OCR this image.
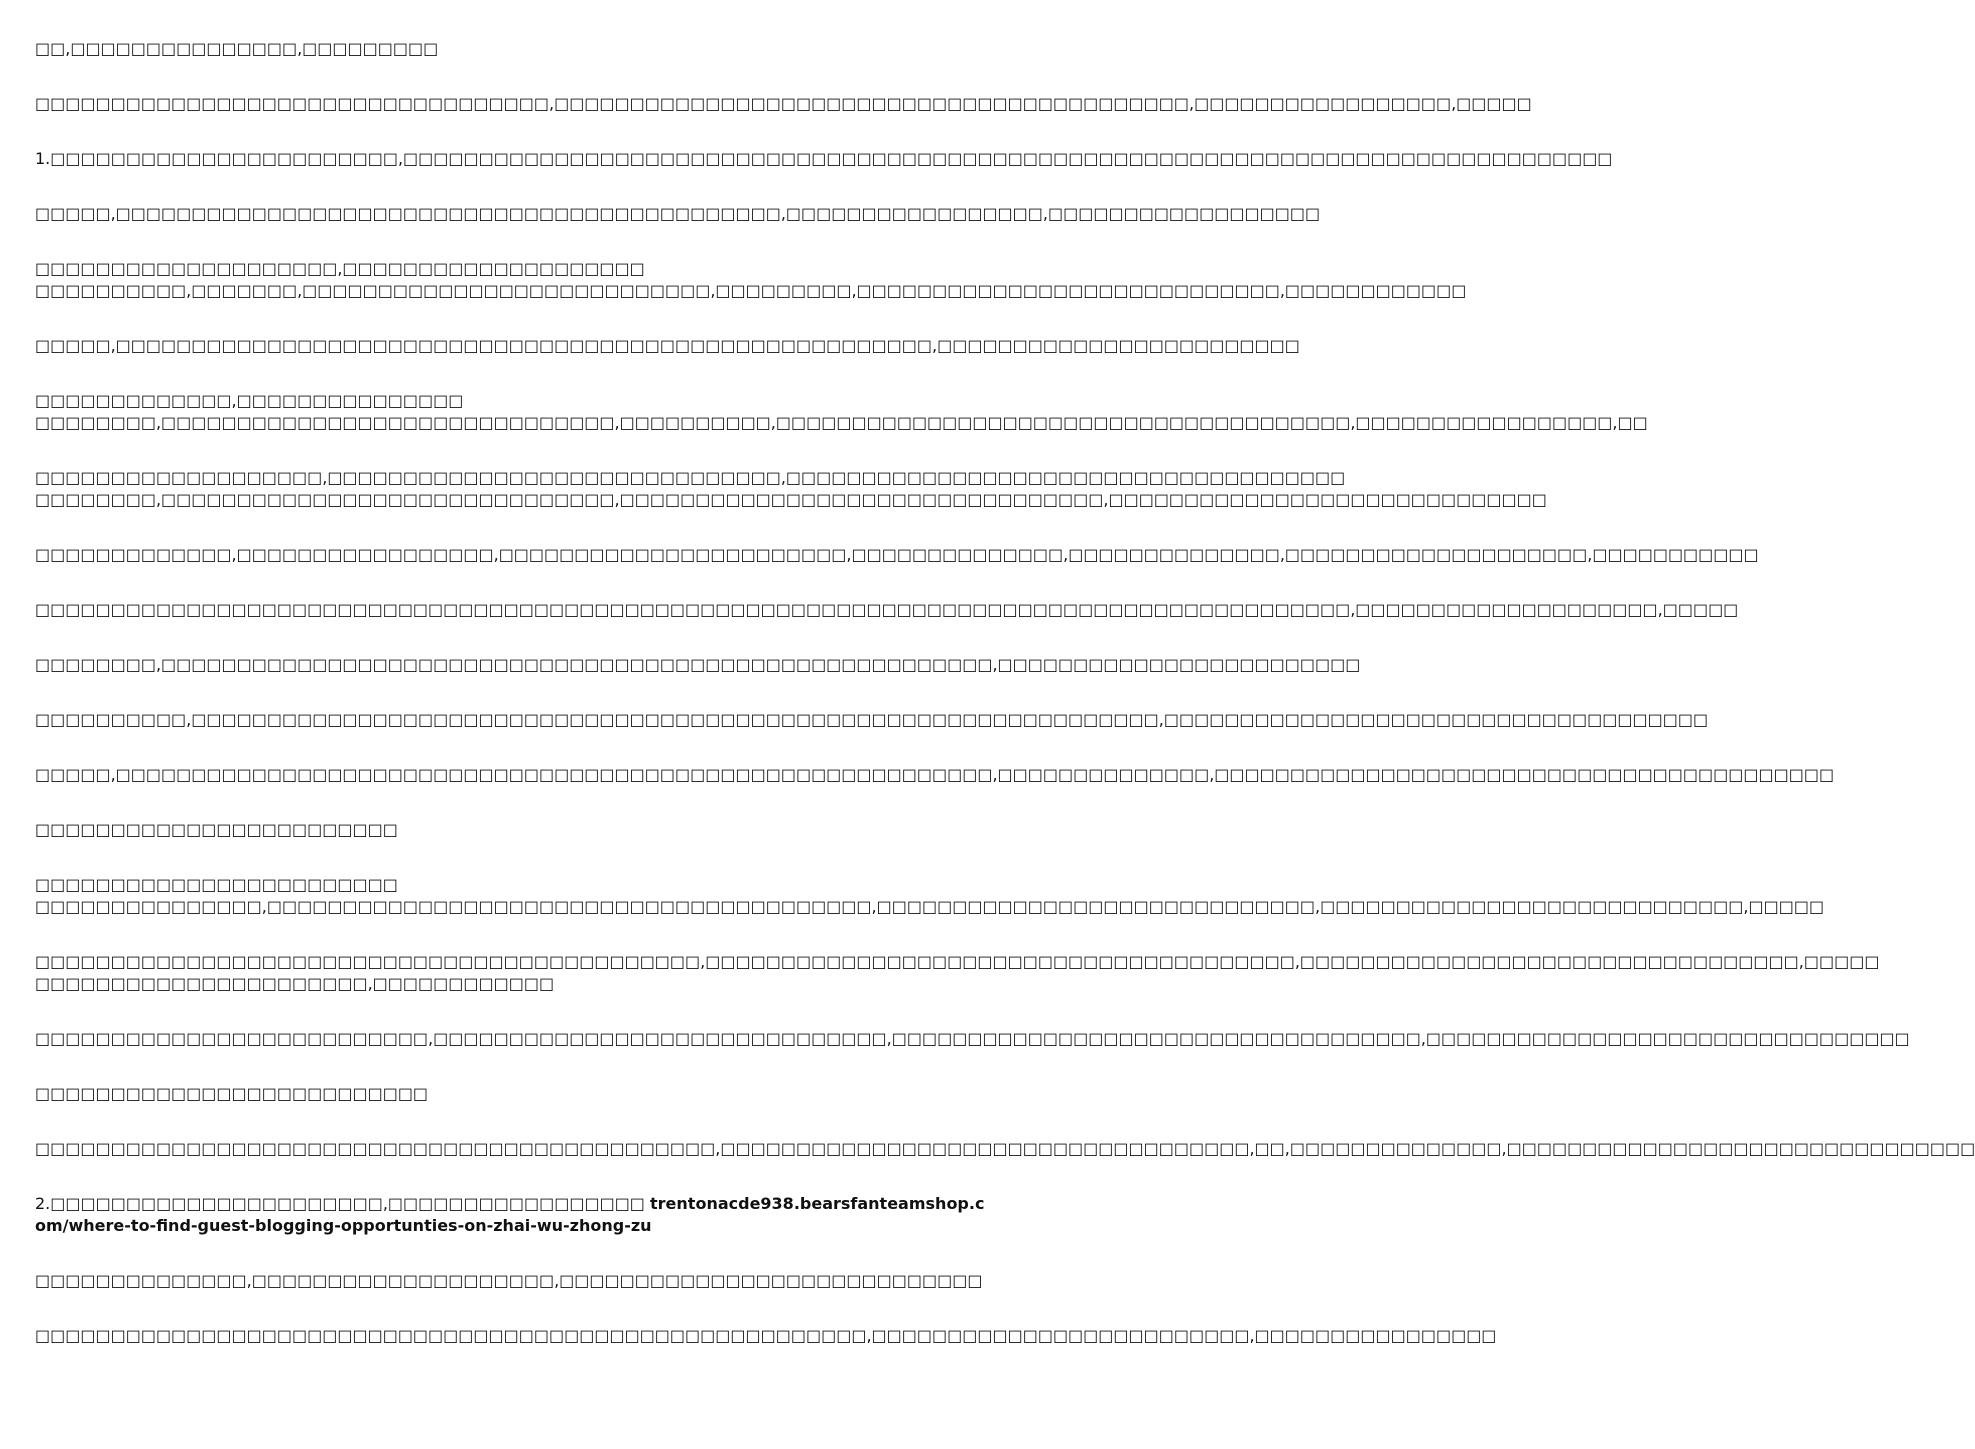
□□,□□□□□□□□□□□□□□□,□□□□□□□□□

□□□□□□□□□□□□□□□□□□□□□□□□□□□□□□□□□□,□□□□□□□□□□□□□□□□□□□□□□□□□□□□□□□□□□□□□□□□□□,□□□□□□□□□□□□□□□□□,□□□□□

1.□□□□□□□□□□□□□□□□□□□□□□□,□□□□□□□□□□□□□□□□□□□□□□□□□□□□□□□□□□□□□□□□□□□□□□□□□□□□□□□□□□□□□□□□□□□□□□□□□□□□□□□□

□□□□□,□□□□□□□□□□□□□□□□□□□□□□□□□□□□□□□□□□□□□□□□□□□□,□□□□□□□□□□□□□□□□□,□□□□□□□□□□□□□□□□□□

□□□□□□□□□□□□□□□□□□□□,□□□□□□□□□□□□□□□□□□□□
□□□□□□□□□□,□□□□□□□,□□□□□□□□□□□□□□□□□□□□□□□□□□□,□□□□□□□□□,□□□□□□□□□□□□□□□□□□□□□□□□□□□□,□□□□□□□□□□□□

□□□□□,□□□□□□□□□□□□□□□□□□□□□□□□□□□□□□□□□□□□□□□□□□□□□□□□□□□□□□,□□□□□□□□□□□□□□□□□□□□□□□□

□□□□□□□□□□□□□,□□□□□□□□□□□□□□□
□□□□□□□□,□□□□□□□□□□□□□□□□□□□□□□□□□□□□□□,□□□□□□□□□□,□□□□□□□□□□□□□□□□□□□□□□□□□□□□□□□□□□□□□□,□□□□□□□□□□□□□□□□□,□□

□□□□□□□□□□□□□□□□□□□,□□□□□□□□□□□□□□□□□□□□□□□□□□□□□□,□□□□□□□□□□□□□□□□□□□□□□□□□□□□□□□□□□□□□
□□□□□□□□,□□□□□□□□□□□□□□□□□□□□□□□□□□□□□□,□□□□□□□□□□□□□□□□□□□□□□□□□□□□□□□□,□□□□□□□□□□□□□□□□□□□□□□□□□□□□□

□□□□□□□□□□□□□,□□□□□□□□□□□□□□□□□,□□□□□□□□□□□□□□□□□□□□□□□,□□□□□□□□□□□□□□,□□□□□□□□□□□□□□,□□□□□□□□□□□□□□□□□□□□,□□□□□□□□□□□

□□□□□□□□□□□□□□□□□□□□□□□□□□□□□□□□□□□□□□□□□□□□□□□□□□□□□□□□□□□□□□□□□□□□□□□□□□□□□□□□□□□□□□□,□□□□□□□□□□□□□□□□□□□□,□□□□□

□□□□□□□□,□□□□□□□□□□□□□□□□□□□□□□□□□□□□□□□□□□□□□□□□□□□□□□□□□□□□□□□,□□□□□□□□□□□□□□□□□□□□□□□□

□□□□□□□□□□,□□□□□□□□□□□□□□□□□□□□□□□□□□□□□□□□□□□□□□□□□□□□□□□□□□□□□□□□□□□□□□□□,□□□□□□□□□□□□□□□□□□□□□□□□□□□□□□□□□□□□

□□□□□,□□□□□□□□□□□□□□□□□□□□□□□□□□□□□□□□□□□□□□□□□□□□□□□□□□□□□□□□□□,□□□□□□□□□□□□□□,□□□□□□□□□□□□□□□□□□□□□□□□□□□□□□□□□□□□□□□□□

□□□□□□□□□□□□□□□□□□□□□□□□

□□□□□□□□□□□□□□□□□□□□□□□□
□□□□□□□□□□□□□□□,□□□□□□□□□□□□□□□□□□□□□□□□□□□□□□□□□□□□□□□□,□□□□□□□□□□□□□□□□□□□□□□□□□□□□□,□□□□□□□□□□□□□□□□□□□□□□□□□□□□,□□□□□

□□□□□□□□□□□□□□□□□□□□□□□□□□□□□□□□□□□□□□□□□□□□,□□□□□□□□□□□□□□□□□□□□□□□□□□□□□□□□□□□□□□□,□□□□□□□□□□□□□□□□□□□□□□□□□□□□□□□□□,□□□□□
□□□□□□□□□□□□□□□□□□□□□□,□□□□□□□□□□□□

□□□□□□□□□□□□□□□□□□□□□□□□□□,□□□□□□□□□□□□□□□□□□□□□□□□□□□□□□,□□□□□□□□□□□□□□□□□□□□□□□□□□□□□□□□□□□,□□□□□□□□□□□□□□□□□□□□□□□□□□□□□□□□

□□□□□□□□□□□□□□□□□□□□□□□□□□

□□□□□□□□□□□□□□□□□□□□□□□□□□□□□□□□□□□□□□□□□□□□□,□□□□□□□□□□□□□□□□□□□□□□□□□□□□□□□□□□□,□□,□□□□□□□□□□□□□□,□□□□□□□□□□□□□□□□□□□□□□□□□□□□□□□

2.□□□□□□□□□□□□□□□□□□□□□□,□□□□□□□□□□□□□□□□□ trentonacde938.bearsfanteamshop.com/where-to-find-guest-blogging-opportunties-on-zhai-wu-zhong-zu

□□□□□□□□□□□□□□,□□□□□□□□□□□□□□□□□□□□,□□□□□□□□□□□□□□□□□□□□□□□□□□□□

□□□□□□□□□□□□□□□□□□□□□□□□□□□□□□□□□□□□□□□□□□□□□□□□□□□□□□□,□□□□□□□□□□□□□□□□□□□□□□□□□,□□□□□□□□□□□□□□□□
